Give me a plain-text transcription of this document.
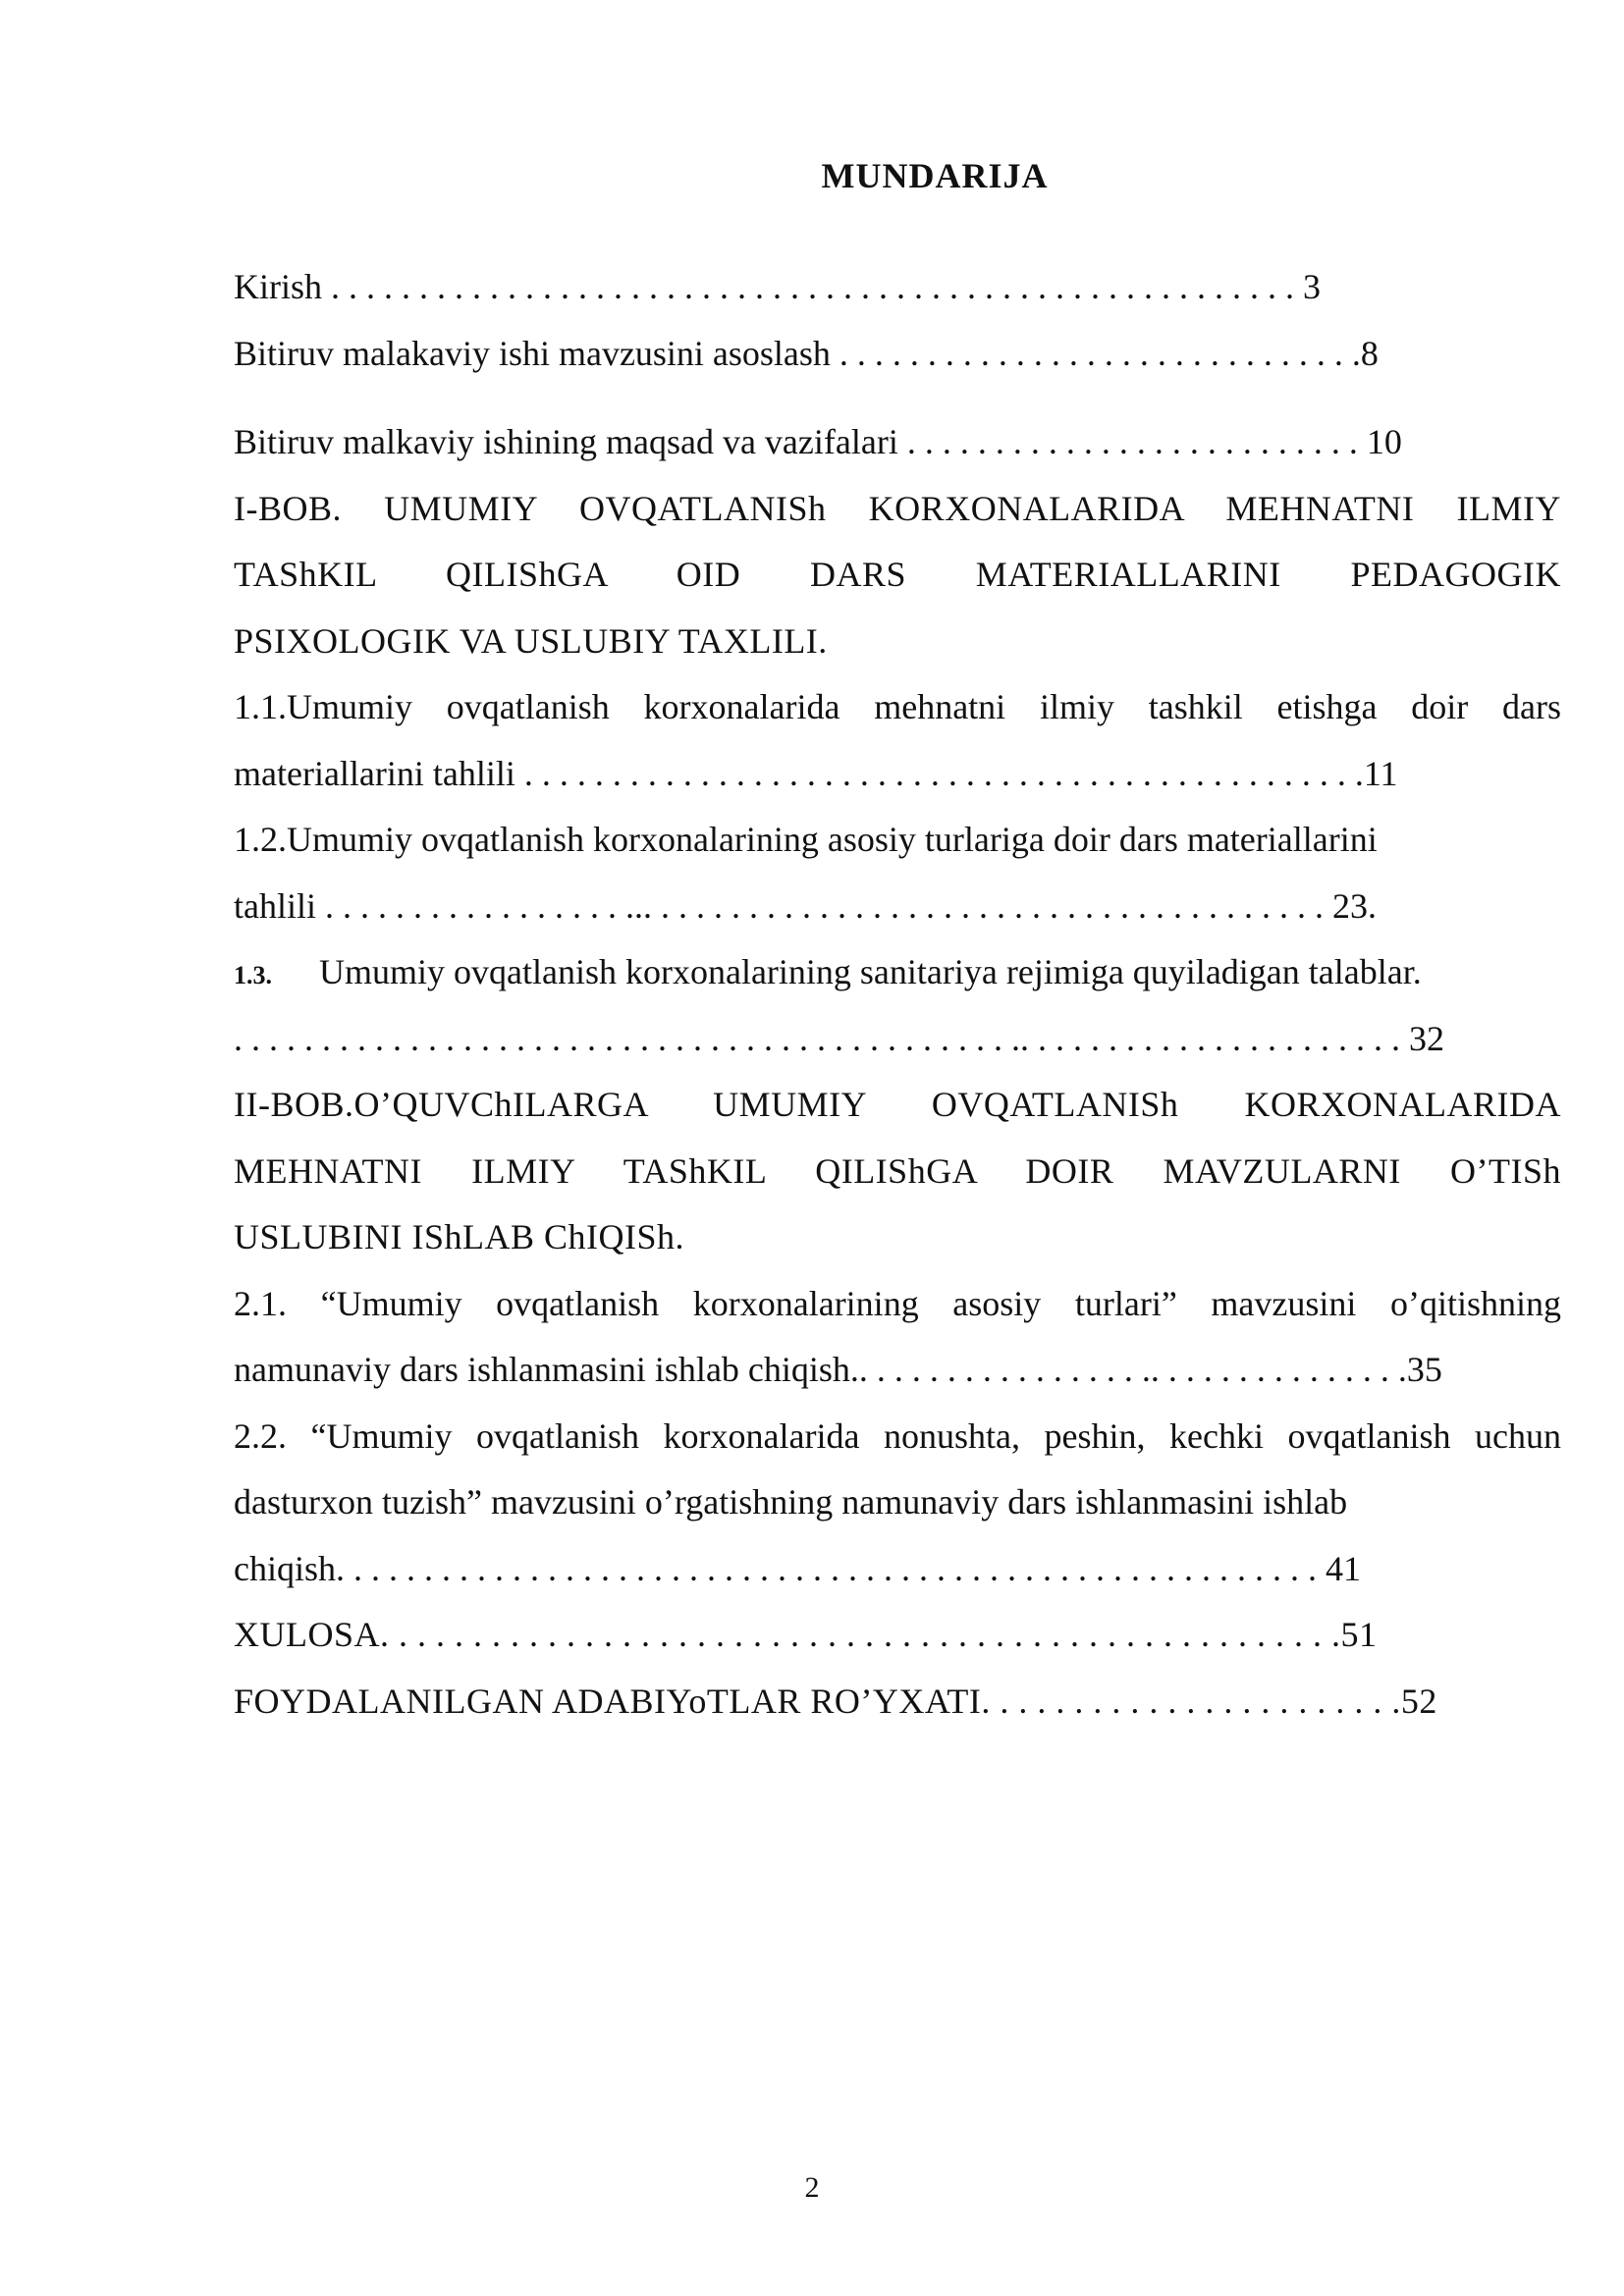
MUNDARIJA
Kirish . . . . . . . . . . . . . . . . . . . . . . . . . . . . . . . . . . . . . . . . . . . . . . . . . . . . . . . 3
Bitiruv malakaviy ishi mavzusini asoslash . . . . . . . . . . . . . . . . . . . . . . . . . . . . . .8
Bitiruv malkaviy ishining maqsad va vazifalari . . . . . . . . . . . . . . . . . . . . . . . . . . 10
I-BOB. UMUMIY OVQATLANISh KORXONALARIDA MEHNATNI ILMIY
TAShKIL QILIShGA OID DARS MATERIALLARINI PEDAGOGIK
PSIXOLOGIK VA USLUBIY TAXLILI.
1.1.Umumiy ovqatlanish korxonalarida mehnatni ilmiy tashkil etishga doir dars
materiallarini tahlili . . . . . . . . . . . . . . . . . . . . . . . . . . . . . . . . . . . . . . . . . . . . . . . .11
1.2.Umumiy ovqatlanish korxonalarining asosiy turlariga doir dars materiallarini
tahlili . . . . . . . . . . . . . . . . . ... . . . . . . . . . . . . . . . . . . . . . . . . . . . . . . . . . . . . . . 23.
1.3. Umumiy ovqatlanish korxonalarining sanitariya rejimiga quyiladigan talablar.
. . . . . . . . . . . . . . . . . . . . . . . . . . . . . . . . . . . . . . . . . . . . .. . . . . . . . . . . . . . . . . . . . . . 32
II-BOB.O’QUVChILARGA UMUMIY OVQATLANISh KORXONALARIDA
MEHNATNI ILMIY TAShKIL QILIShGA DOIR MAVZULARNI O’TISh
USLUBINI IShLAB ChIQISh.
2.1. “Umumiy ovqatlanish korxonalarining asosiy turlari” mavzusini o’qitishning
namunaviy dars ishlanmasini ishlab chiqish.. . . . . . . . . . . . . . . . .. . . . . . . . . . . . . . .35
2.2. “Umumiy ovqatlanish korxonalarida nonushta, peshin, kechki ovqatlanish uchun
dasturxon tuzish” mavzusini o’rgatishning namunaviy dars ishlanmasini ishlab
chiqish. . . . . . . . . . . . . . . . . . . . . . . . . . . . . . . . . . . . . . . . . . . . . . . . . . . . . . . . 41
XULOSA. . . . . . . . . . . . . . . . . . . . . . . . . . . . . . . . . . . . . . . . . . . . . . . . . . . .51
FOYDALANILGAN ADABIYoTLAR RO’YXATI. . . . . . . . . . . . . . . . . . . . . . .52
2
